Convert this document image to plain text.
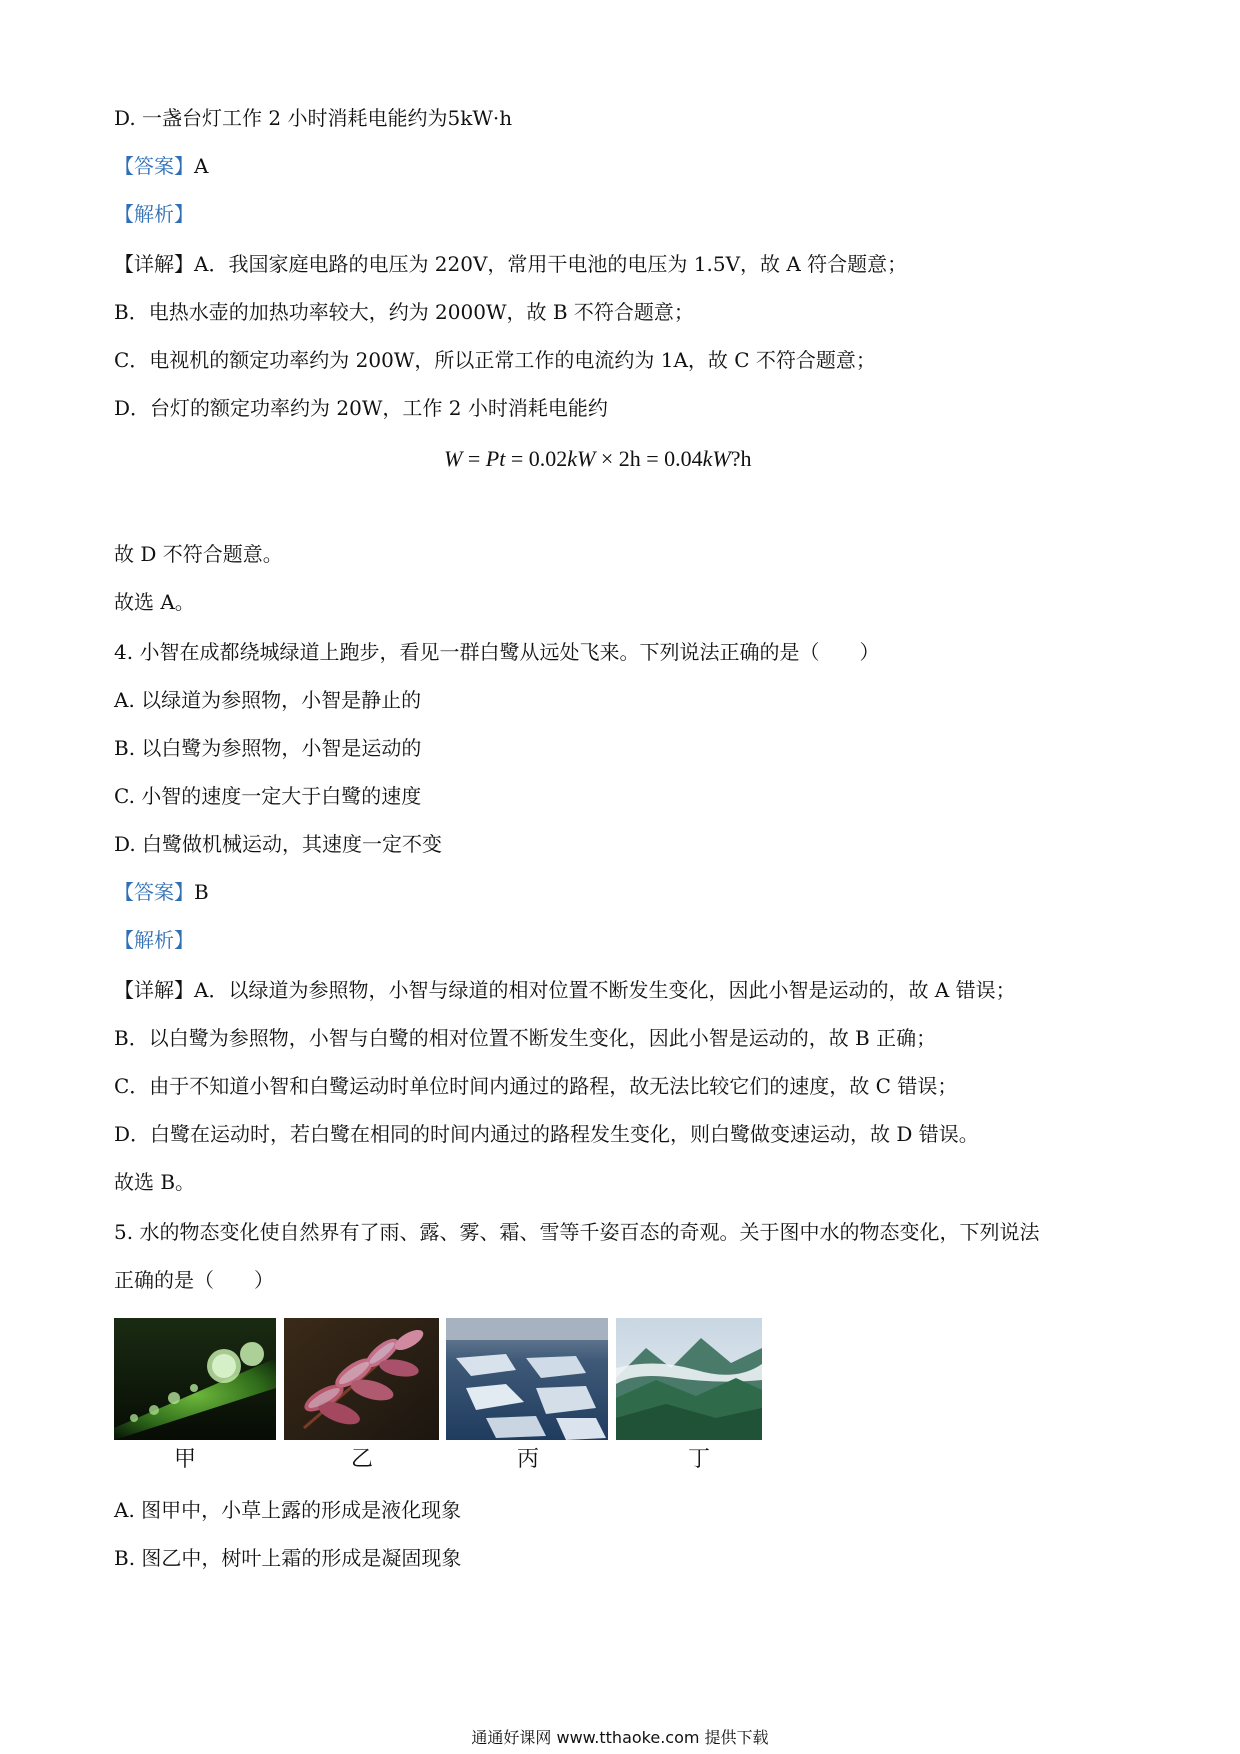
D. 一盏台灯工作 2 小时消耗电能约为5kW·h
【答案】A
【解析】
【详解】A．我国家庭电路的电压为 220V，常用干电池的电压为 1.5V，故 A 符合题意；
B．电热水壶的加热功率较大，约为 2000W，故 B 不符合题意；
C．电视机的额定功率约为 200W，所以正常工作的电流约为 1A，故 C 不符合题意；
D．台灯的额定功率约为 20W，工作 2 小时消耗电能约
W = Pt = 0.02kW × 2h = 0.04kW?h
故 D 不符合题意。
故选 A。
4. 小智在成都绕城绿道上跑步，看见一群白鹭从远处飞来。下列说法正确的是（　　）
A. 以绿道为参照物，小智是静止的
B. 以白鹭为参照物，小智是运动的
C. 小智的速度一定大于白鹭的速度
D. 白鹭做机械运动，其速度一定不变
【答案】B
【解析】
【详解】A．以绿道为参照物，小智与绿道的相对位置不断发生变化，因此小智是运动的，故 A 错误；
B．以白鹭为参照物，小智与白鹭的相对位置不断发生变化，因此小智是运动的，故 B 正确；
C．由于不知道小智和白鹭运动时单位时间内通过的路程，故无法比较它们的速度，故 C 错误；
D．白鹭在运动时，若白鹭在相同的时间内通过的路程发生变化，则白鹭做变速运动，故 D 错误。
故选 B。
5. 水的物态变化使自然界有了雨、露、雾、霜、雪等千姿百态的奇观。关于图中水的物态变化，下列说法
正确的是（　　）
甲	乙	丙	丁
A. 图甲中，小草上露的形成是液化现象
B. 图乙中，树叶上霜的形成是凝固现象
通通好课网 www.tthaoke.com 提供下载
